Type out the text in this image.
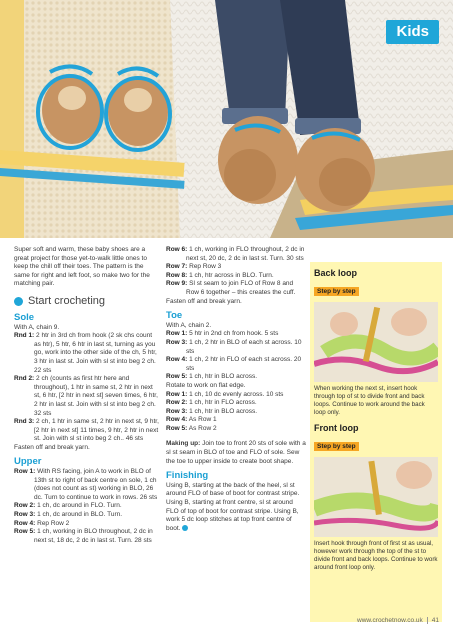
Kids

Super soft and warm, these baby shoes are a great project for those yet-to-walk little ones to keep the chill off their toes. The pattern is the same for right and left foot, so make two for the matching pair.

Start crocheting
Sole

With A, chain 9.

Rnd 1: 2 htr in 3rd ch from hook (2 sk chs count as htr), 5 htr, 6 htr in last st, turning as you go, work into the other side of the ch, 5 htr, 3 htr in last st. Join with sl st into beg 2 ch. 22 sts

Rnd 2: 2 ch (counts as first htr here and throughout), 1 htr in same st, 2 htr in next st, 6 htr, [2 htr in next st] seven times, 6 htr, 2 htr in last st. Join with sl st into beg 2 ch. 32 sts

Rnd 3: 2 ch, 1 htr in same st, 2 htr in next st, 9 htr, [2 htr in next st] 11 times, 9 htr, 2 htr in next st. Join with sl st into beg 2 ch.. 46 sts

Fasten off and break yarn.

Upper

Row 1: With RS facing, join A to work in BLO of 13th st to right of back centre on sole, 1 ch (does not count as st) working in BLO, 26 dc. Turn to continue to work in rows. 26 sts

Row 2: 1 ch, dc around in FLO. Turn.

Row 3: 1 ch, dc around in BLO. Turn.

Row 4: Rep Row 2

Row 5: 1 ch, working in BLO throughout, 2 dc in next st, 18 dc, 2 dc in last st. Turn. 28 sts

Row 6: 1 ch, working in FLO throughout, 2 dc in next st, 20 dc, 2 dc in last st. Turn. 30 sts

Row 7: Rep Row 3

Row 8: 1 ch, htr across in BLO. Turn.

Row 9: Sl st seam to join FLO of Row 8 and Row 6 together – this creates the cuff.

Fasten off and break yarn.

Toe

With A, chain 2.

Row 1: 5 htr in 2nd ch from hook. 5 sts

Row 3: 1 ch, 2 htr in BLO of each st across. 10 sts

Row 4: 1 ch, 2 htr in FLO of each st across. 20 sts

Row 5: 1 ch, htr in BLO across.

Rotate to work on flat edge.

Row 1: 1 ch, 10 dc evenly across. 10 sts

Row 2: 1 ch, htr in FLO across.

Row 3: 1 ch, htr in BLO across.

Row 4: As Row 1

Row 5: As Row 2

Making up: Join toe to front 20 sts of sole with a sl st seam in BLO of toe and FLO of sole. Sew the toe to upper inside to create boot shape.

Finishing

Using B, starting at the back of the heel, sl st around FLO of base of boot for contrast stripe. Using B, starting at front centre, sl st around FLO of top of boot for contrast stripe. Using B, work 5 dc loop stitches at top front centre of boot.

Back loop
Step by step

When working the next st, insert hook through top of st to divide front and back loops. Continue to work around the back loop only.

Front loop
Step by step

Insert hook through front of first st as usual, however work through the top of the st to divide front and back loops. Continue to work around front loop only.

www.crochetnow.co.uk 41
